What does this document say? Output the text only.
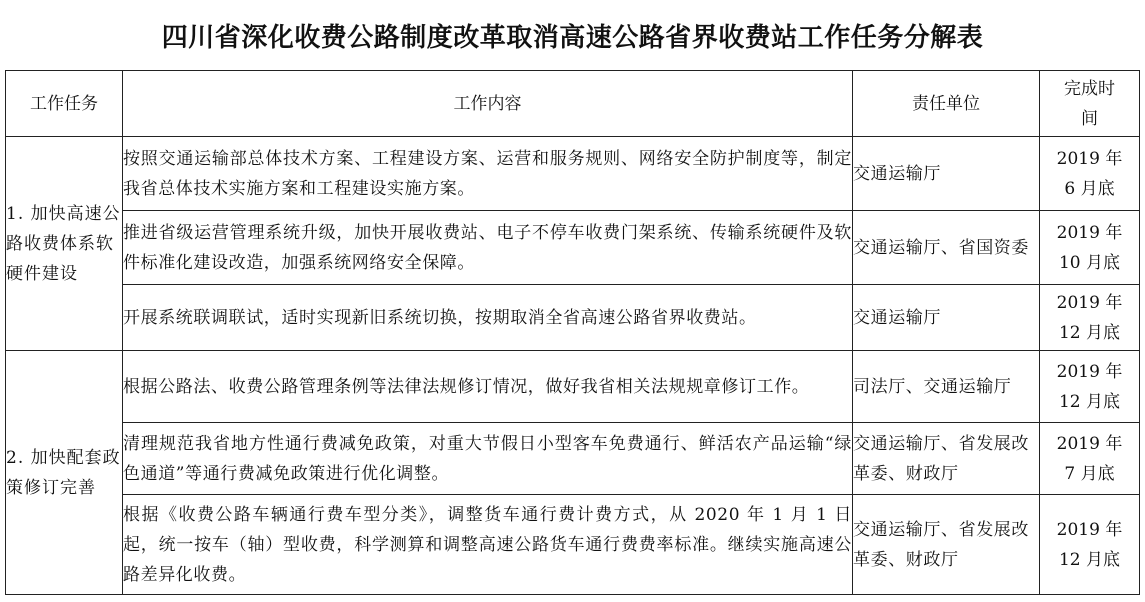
四川省深化收费公路制度改革取消高速公路省界收费站工作任务分解表
工作任务	工作内容	责任单位	完成时间
1. 加快高速公路收费体系软硬件建设	按照交通运输部总体技术方案、工程建设方案、运营和服务规则、网络安全防护制度等，制定我省总体技术实施方案和工程建设实施方案。	交通运输厅	2019 年 6 月底
	推进省级运营管理系统升级，加快开展收费站、电子不停车收费门架系统、传输系统硬件及软件标准化建设改造，加强系统网络安全保障。	交通运输厅、省国资委	2019 年 10 月底
	开展系统联调联试，适时实现新旧系统切换，按期取消全省高速公路省界收费站。	交通运输厅	2019 年 12 月底
2. 加快配套政策修订完善	根据公路法、收费公路管理条例等法律法规修订情况，做好我省相关法规规章修订工作。	司法厅、交通运输厅	2019 年 12 月底
	清理规范我省地方性通行费减免政策，对重大节假日小型客车免费通行、鲜活农产品运输“绿色通道”等通行费减免政策进行优化调整。	交通运输厅、省发展改革委、财政厅	2019 年 7 月底
	根据《收费公路车辆通行费车型分类》，调整货车通行费计费方式，从 2020 年 1 月 1 日起，统一按车（轴）型收费，科学测算和调整高速公路货车通行费费率标准。继续实施高速公路差异化收费。	交通运输厅、省发展改革委、财政厅	2019 年 12 月底
